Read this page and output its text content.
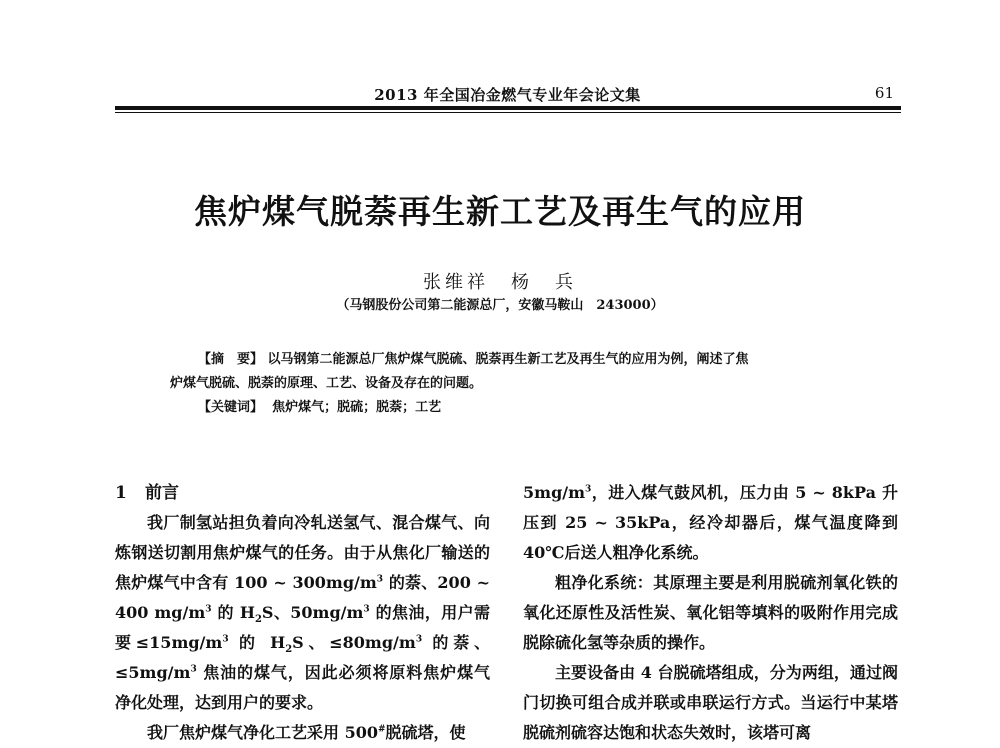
2013 年全国冶金燃气专业年会论文集	61
焦炉煤气脱萘再生新工艺及再生气的应用
张维祥　杨　兵
（马钢股份公司第二能源总厂，安徽马鞍山　243000）

【摘　要】 以马钢第二能源总厂焦炉煤气脱硫、脱萘再生新工艺及再生气的应用为例，阐述了焦

炉煤气脱硫、脱萘的原理、工艺、设备及存在的问题。

【关键词】 焦炉煤气；脱硫；脱萘；工艺

1 前言

我厂制氢站担负着向冷轧送氢气、混合煤气、向炼钢送切割用焦炉煤气的任务。由于从焦化厂输送的焦炉煤气中含有 100 ~ $300mg/m^3$ 的萘、200 ~ 400 $mg/m^3$ 的 $H_2S$、$50mg/m^3$ 的焦油，用户需要$\le 15mg/m^3$ 的 $H_2S$、$\le 80mg/m^3$ 的萘、$\le 5mg/m^3$ 焦油的煤气，因此必须将原料焦炉煤气净化处理，达到用户的要求。

我厂焦炉煤气净化工艺采用 500#脱硫塔，使

$5mg/m^3$，进入煤气鼓风机，压力由 5 ~ 8kPa 升压到 25 ~ 35kPa，经冷却器后，煤气温度降到 40℃后送人粗净化系统。

粗净化系统：其原理主要是利用脱硫剂氧化铁的氧化还原性及活性炭、氧化铝等填料的吸附作用完成脱除硫化氢等杂质的操作。

主要设备由 4 台脱硫塔组成，分为两组，通过阀门切换可组合成并联或串联运行方式。当运行中某塔脱硫剂硫容达饱和状态失效时，该塔可离
